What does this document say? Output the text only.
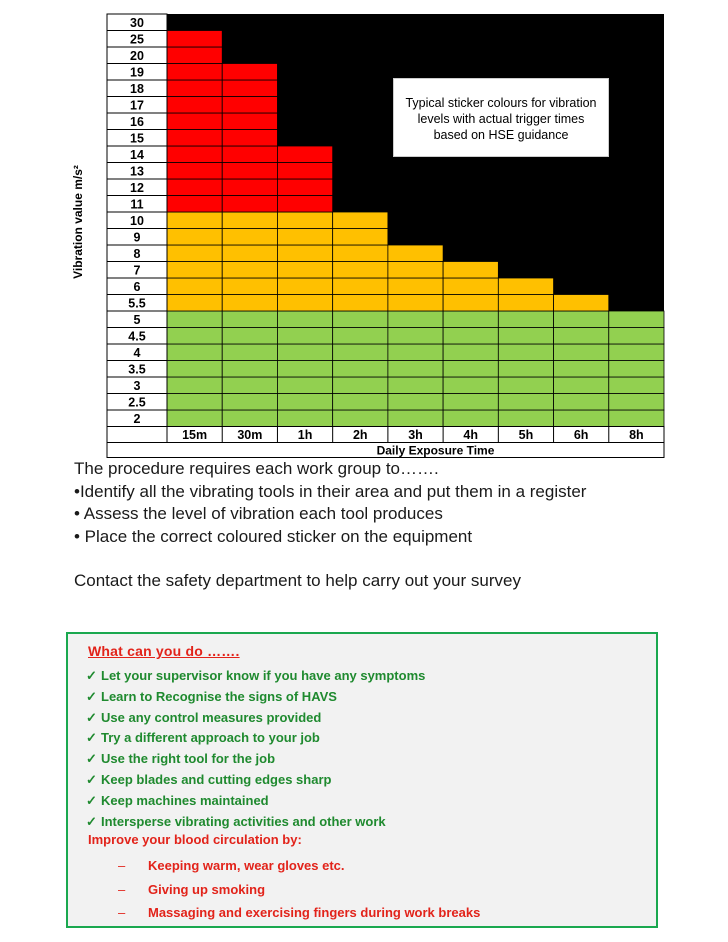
2
2.5
3
3.5
4
4.5
5
5.5
6
7
8
9
10
11
12
13
14
15
16
17
18
19
20
25
30
15m 30m	1h	2h	3h	4h	5h	6h	8h
Daily Exposure Time
Vibration value m/s²
Typical sticker colours for vibration
levels with actual trigger times
based on HSE guidance

The procedure requires each work group to…….

•Identify all the vibrating tools in their area and put them in a register

• Assess the level of vibration each tool produces

• Place the correct coloured sticker on the equipment

Contact the safety department to help carry out your survey

What can you do …….
✓ Let your supervisor know if you have any symptoms
✓ Learn to Recognise the signs of HAVS
✓ Use any control measures provided
✓ Try a different approach to your job
✓ Use the right tool for the job
✓ Keep blades and cutting edges sharp
✓ Keep machines maintained
✓ Intersperse vibrating activities and other work
Improve your blood circulation by:
– Keeping warm, wear gloves etc.
– Giving up smoking
– Massaging and exercising fingers during work breaks
